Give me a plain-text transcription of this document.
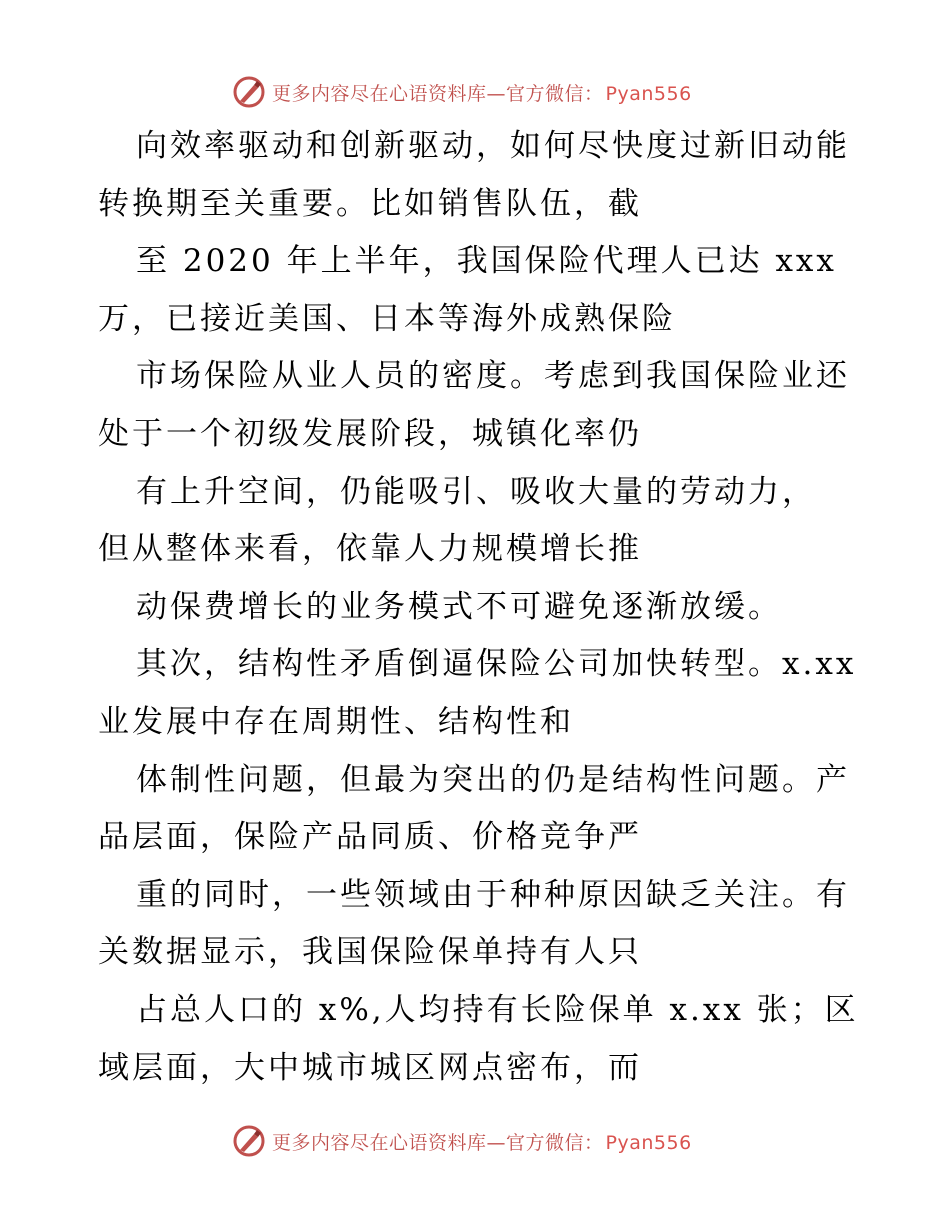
更多内容尽在心语资料库—官方微信： Pyan556
向效率驱动和创新驱动，如何尽快度过新旧动能
转换期至关重要。比如销售队伍，截
至 2020 年上半年，我国保险代理人已达 xxx
万，已接近美国、日本等海外成熟保险
市场保险从业人员的密度。考虑到我国保险业还
处于一个初级发展阶段，城镇化率仍
有上升空间，仍能吸引、吸收大量的劳动力，
但从整体来看，依靠人力规模增长推
动保费增长的业务模式不可避免逐渐放缓。
其次，结构性矛盾倒逼保险公司加快转型。x.xx
业发展中存在周期性、结构性和
体制性问题，但最为突出的仍是结构性问题。产
品层面，保险产品同质、价格竞争严
重的同时，一些领域由于种种原因缺乏关注。有
关数据显示，我国保险保单持有人只
占总人口的 x%,人均持有长险保单 x.xx 张；区
域层面，大中城市城区网点密布，而
更多内容尽在心语资料库—官方微信： Pyan556
